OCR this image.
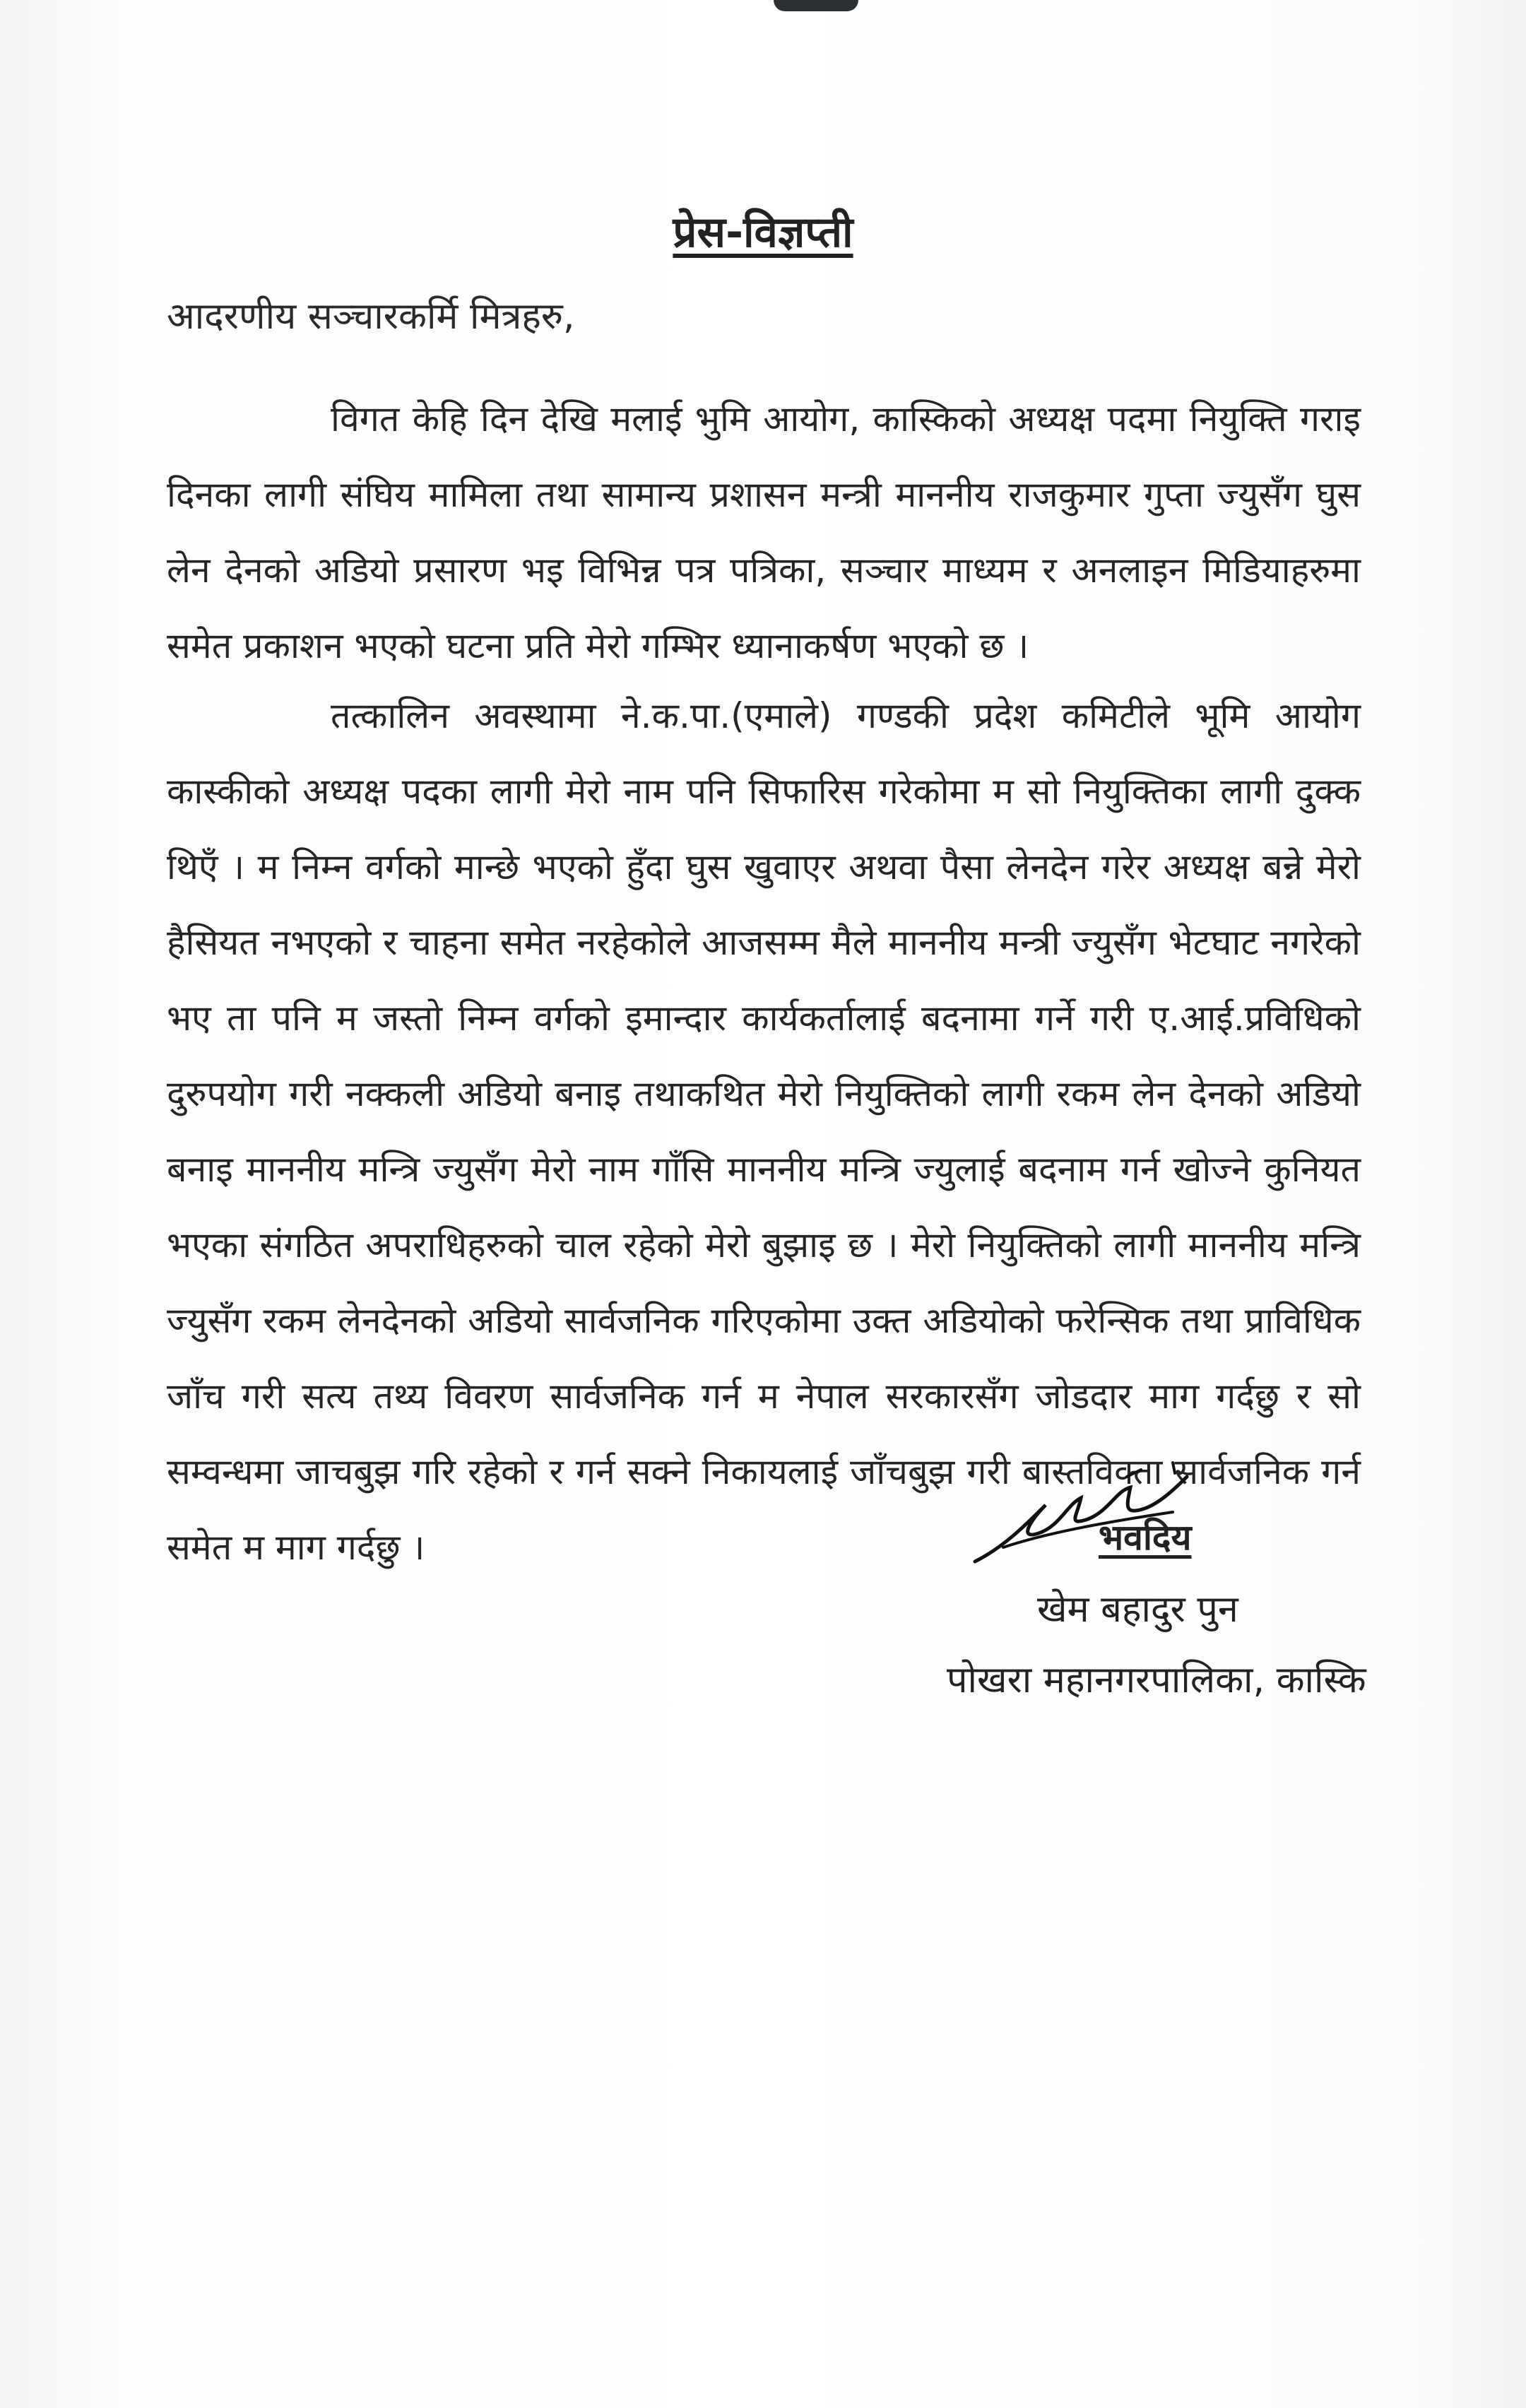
प्रेस-विज्ञप्ती
आदरणीय सञ्चारकर्मि मित्रहरु,

विगत केहि दिन देखि मलाई भुमि आयोग, कास्किको अध्यक्ष पदमा नियुक्ति गराइ दिनका लागी संघिय मामिला तथा सामान्य प्रशासन मन्त्री माननीय राजकुमार गुप्ता ज्युसँग घुस लेन देनको अडियो प्रसारण भइ विभिन्न पत्र पत्रिका, सञ्चार माध्यम र अनलाइन मिडियाहरुमा समेत प्रकाशन भएको घटना प्रति मेरो गम्भिर ध्यानाकर्षण भएको छ ।

तत्कालिन अवस्थामा ने.क.पा.(एमाले) गण्डकी प्रदेश कमिटीले भूमि आयोग कास्कीको अध्यक्ष पदका लागी मेरो नाम पनि सिफारिस गरेकोमा म सो नियुक्तिका लागी दुक्क थिएँ । म निम्न वर्गको मान्छे भएको हुँदा घुस खुवाएर अथवा पैसा लेनदेन गरेर अध्यक्ष बन्ने मेरो हैसियत नभएको र चाहना समेत नरहेकोले आजसम्म मैले माननीय मन्त्री ज्युसँग भेटघाट नगरेको भए ता पनि म जस्तो निम्न वर्गको इमान्दार कार्यकर्तालाई बदनामा गर्ने गरी ए.आई.प्रविधिको दुरुपयोग गरी नक्कली अडियो बनाइ तथाकथित मेरो नियुक्तिको लागी रकम लेन देनको अडियो बनाइ माननीय मन्त्रि ज्युसँग मेरो नाम गाँसि माननीय मन्त्रि ज्युलाई बदनाम गर्न खोज्ने कुनियत भएका संगठित अपराधिहरुको चाल रहेको मेरो बुझाइ छ । मेरो नियुक्तिको लागी माननीय मन्त्रि ज्युसँग रकम लेनदेनको अडियो सार्वजनिक गरिएकोमा उक्त अडियोको फरेन्सिक तथा प्राविधिक जाँच गरी सत्य तथ्य विवरण सार्वजनिक गर्न म नेपाल सरकारसँग जोडदार माग गर्दछु र सो सम्वन्धमा जाचबुझ गरि रहेको र गर्न सक्ने निकायलाई जाँचबुझ गरी बास्तविक्ता सार्वजनिक गर्न समेत म माग गर्दछु ।	भवदिय
खेम बहादुर पुन
पोखरा महानगरपालिका, कास्कि
